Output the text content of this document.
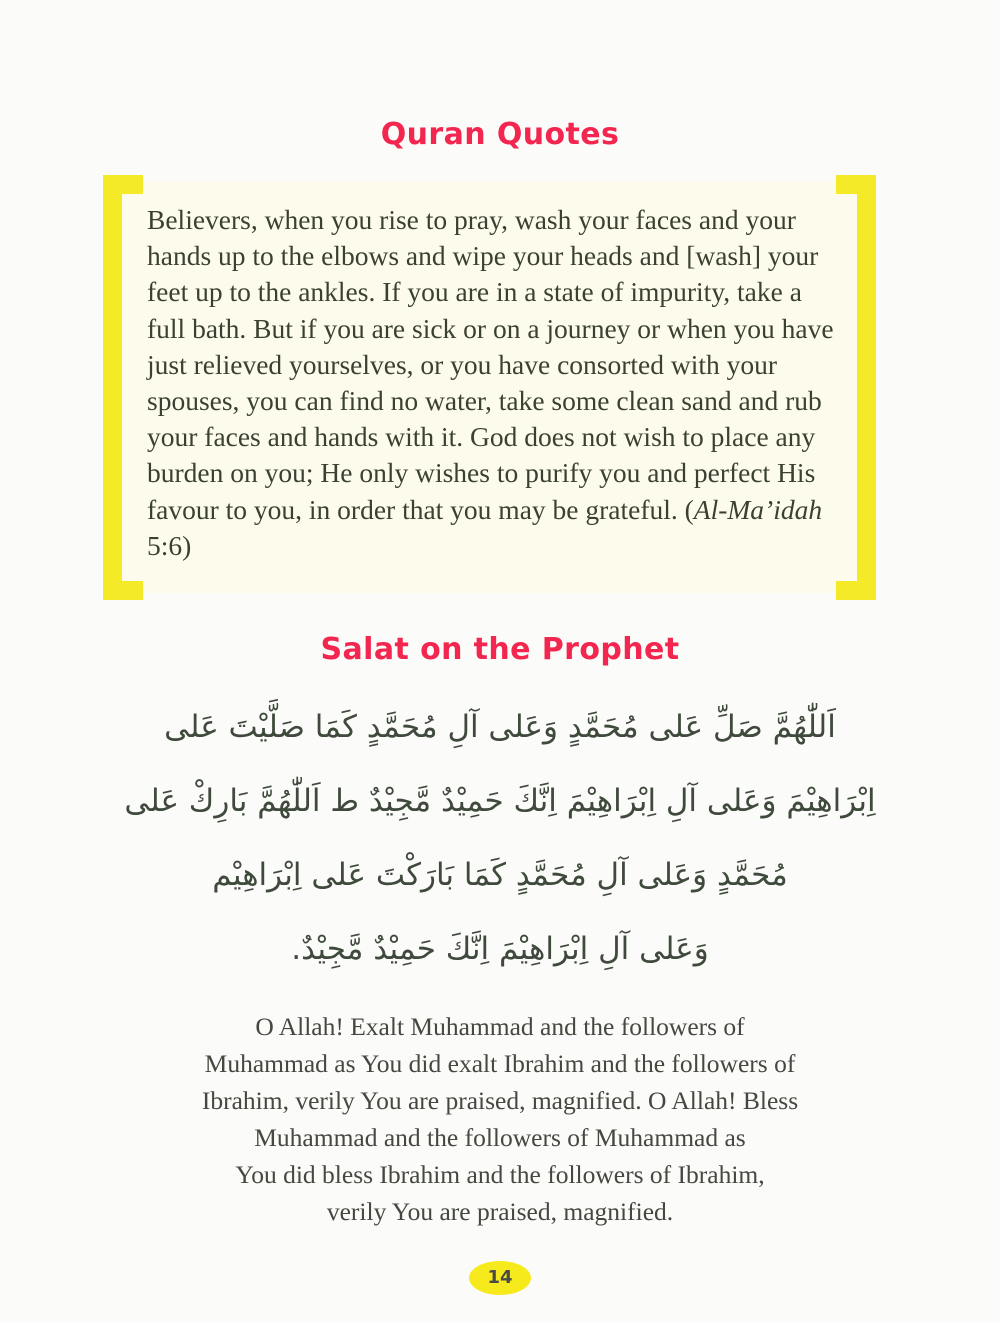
Quran Quotes
Believers, when you rise to pray, wash your faces and your hands up to the elbows and wipe your heads and [wash] your feet up to the ankles. If you are in a state of impurity, take a full bath. But if you are sick or on a journey or when you have just relieved yourselves, or you have consorted with your spouses, you can find no water, take some clean sand and rub your faces and hands with it. God does not wish to place any burden on you; He only wishes to purify you and perfect His favour to you, in order that you may be grateful. (Al-Ma’idah 5:6)
Salat on the Prophet
اَللّٰهُمَّ صَلِّ عَلى مُحَمَّدٍ وَعَلى آلِ مُحَمَّدٍ كَمَا صَلَّيْتَ عَلى
اِبْرَاهِيْمَ وَعَلى آلِ اِبْرَاهِيْمَ اِنَّكَ حَمِيْدٌ مَّجِيْدٌ ط اَللّٰهُمَّ بَارِكْ عَلى
مُحَمَّدٍ وَعَلى آلِ مُحَمَّدٍ كَمَا بَارَكْتَ عَلى اِبْرَاهِيْم
وَعَلى آلِ اِبْرَاهِيْمَ اِنَّكَ حَمِيْدٌ مَّجِيْدٌ.
O Allah! Exalt Muhammad and the followers of
Muhammad as You did exalt Ibrahim and the followers of
Ibrahim, verily You are praised, magnified. O Allah! Bless
Muhammad and the followers of Muhammad as
You did bless Ibrahim and the followers of Ibrahim,
verily You are praised, magnified.
14
